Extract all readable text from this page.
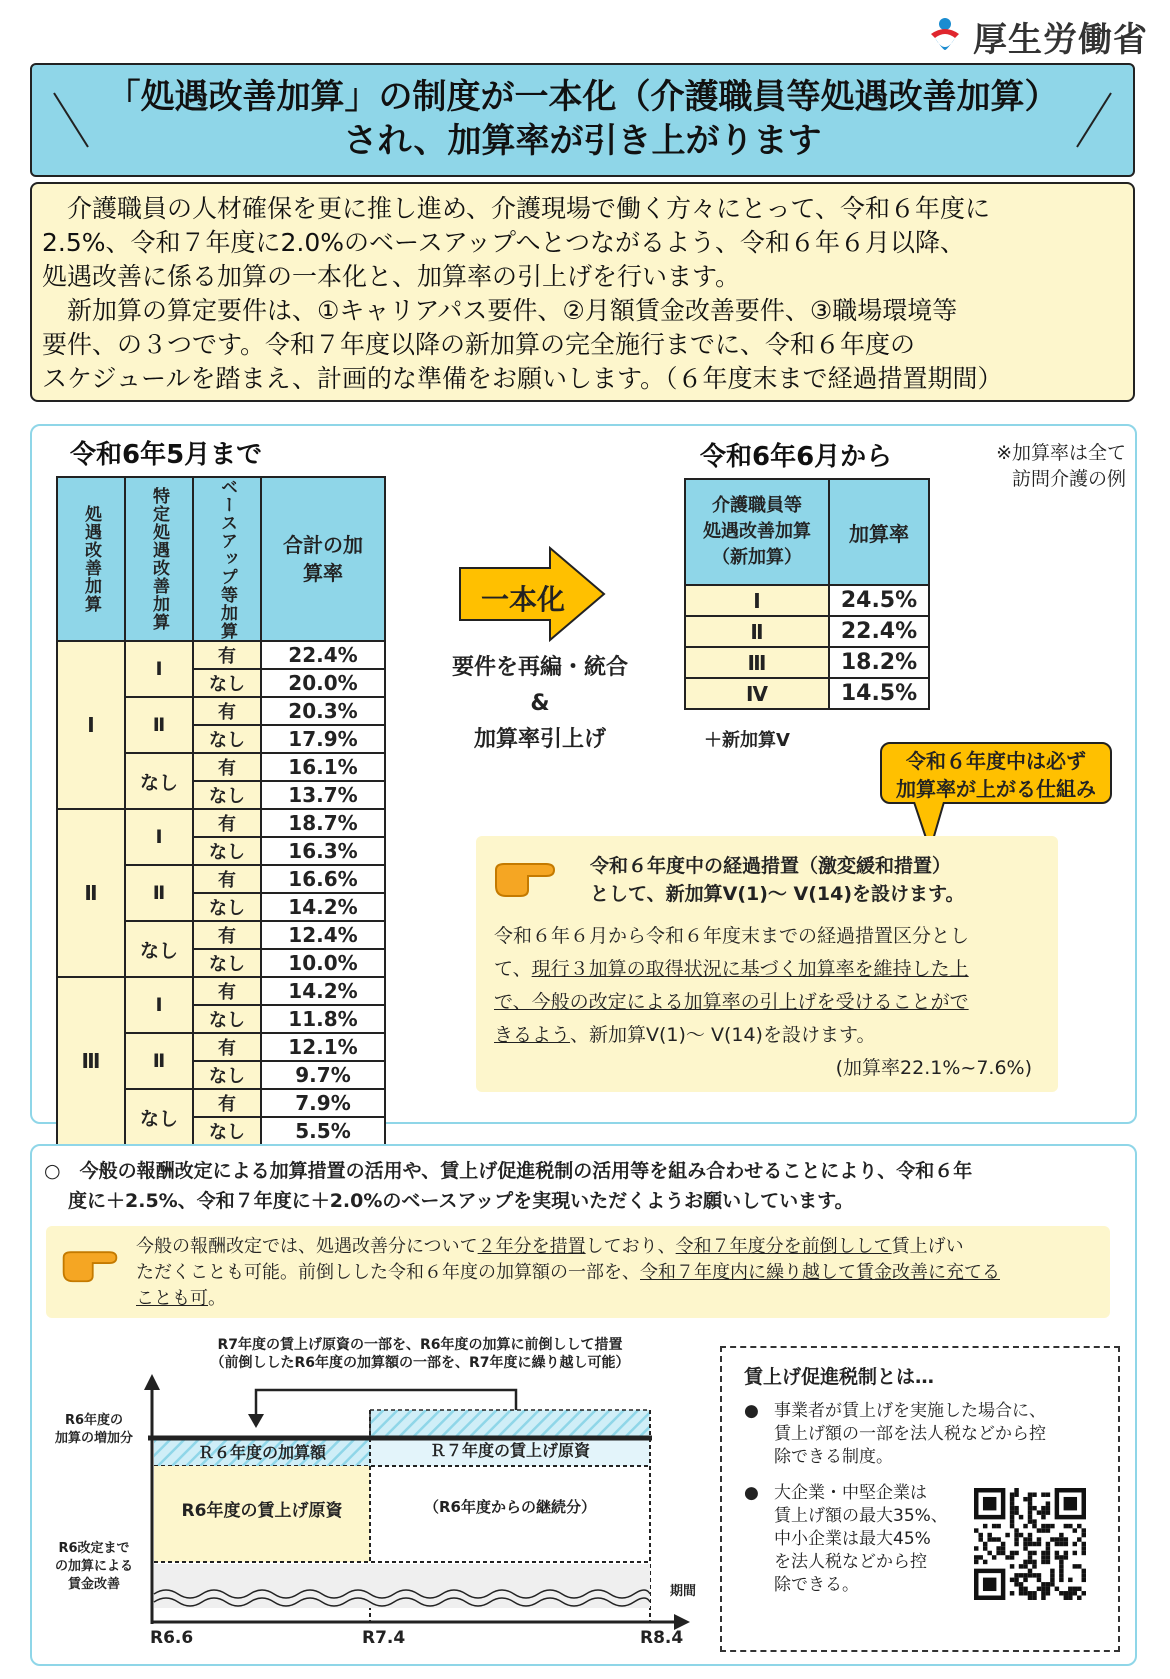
厚生労働省
「処遇改善加算」の制度が一本化（介護職員等処遇改善加算）
され、加算率が引き上がります

　介護職員の人材確保を更に推し進め、介護現場で働く方々にとって、令和６年度に

2.5%、令和７年度に2.0%のベースアップへとつながるよう、令和６年６月以降、

処遇改善に係る加算の一本化と、加算率の引上げを行います。

　新加算の算定要件は、①キャリアパス要件、②月額賃金改善要件、③職場環境等

要件、の３つです。令和７年度以降の新加算の完全施行までに、令和６年度の

スケジュールを踏まえ、計画的な準備をお願いします。（６年度末まで経過措置期間）

令和6年5月まで
処遇改善加算	特定処遇改善加算	ベースアップ等加算	合計の加算率

Ⅰ	Ⅰ	有	22.4%
		なし	20.0%
	Ⅱ	有	20.3%
		なし	17.9%
	なし	有	16.1%
		なし	13.7%
Ⅱ	Ⅰ	有	18.7%
		なし	16.3%
	Ⅱ	有	16.6%
		なし	14.2%
	なし	有	12.4%
		なし	10.0%
Ⅲ	Ⅰ	有	14.2%
		なし	11.8%
	Ⅱ	有	12.1%
		なし	9.7%
	なし	有	7.9%
		なし	5.5%
一本化
要件を再編・統合
&
加算率引上げ
令和6年6月から	※加算率は全て
訪問介護の例
介護職員等
処遇改善加算
（新加算）	加算率
Ⅰ	24.5%
Ⅱ	22.4%
Ⅲ	18.2%
Ⅳ	14.5%
＋新加算Ⅴ
令和６年度中は必ず
加算率が上がる仕組み
令和６年度中の経過措置（激変緩和措置）
として、新加算Ⅴ(1)～ Ⅴ(14)を設けます。
令和６年６月から令和６年度末までの経過措置区分とし
て、現行３加算の取得状況に基づく加算率を維持した上
で、今般の改定による加算率の引上げを受けることがで
きるよう、新加算Ⅴ(1)～ Ⅴ(14)を設けます。
(加算率22.1%~7.6%)
○　今般の報酬改定による加算措置の活用や、賃上げ促進税制の活用等を組み合わせることにより、令和６年
度に＋2.5%、令和７年度に＋2.0%のベースアップを実現いただくようお願いしています。
今般の報酬改定では、処遇改善分について２年分を措置しており、令和７年度分を前倒しして賃上げい
ただくことも可能。前倒しした令和６年度の加算額の一部を、令和７年度内に繰り越して賃金改善に充てる
ことも可。
R7年度の賃上げ原資の一部を、R6年度の加算に前倒しして措置
（前倒ししたR6年度の加算額の一部を、R7年度に繰り越し可能）
R6年度の
加算の増加分
R6改定まで
の加算による
賃金改善
Ｒ６年度の加算額	Ｒ７年度の賃上げ原資
R6年度の賃上げ原資	（R6年度からの継続分）
期間
R6.6	R7.4	R8.4
賃上げ促進税制とは…
● 事業者が賃上げを実施した場合に、
賃上げ額の一部を法人税などから控
除できる制度。
● 大企業・中堅企業は
賃上げ額の最大35%、
中小企業は最大45%
を法人税などから控
除できる。
